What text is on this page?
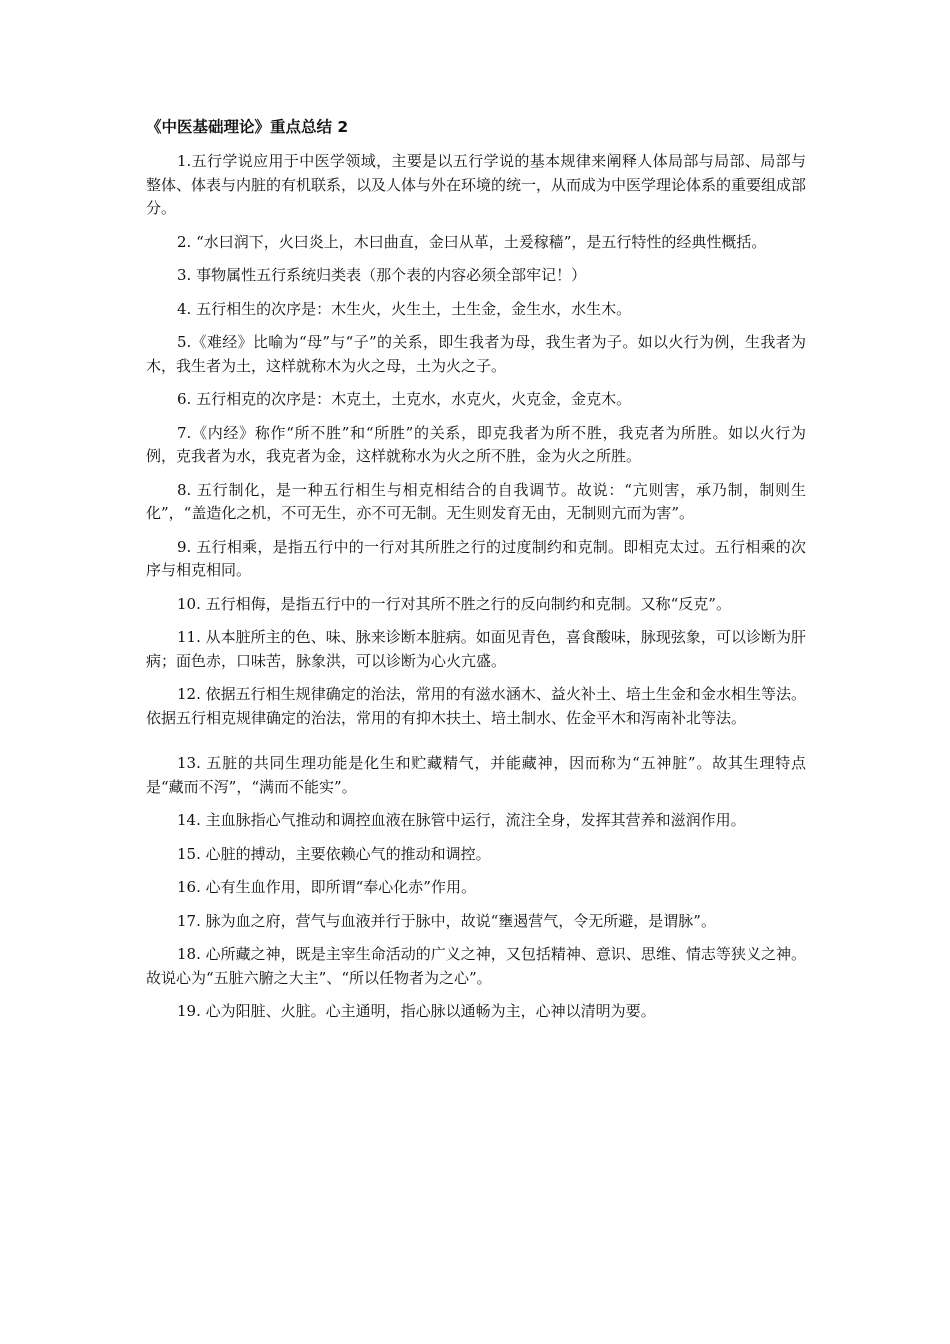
《中医基础理论》重点总结 2

1.五行学说应用于中医学领域，主要是以五行学说的基本规律来阐释人体局部与局部、局部与整体、体表与内脏的有机联系，以及人体与外在环境的统一，从而成为中医学理论体系的重要组成部分。

2. “水曰润下，火曰炎上，木曰曲直，金曰从革，土爰稼穑”，是五行特性的经典性概括。

3. 事物属性五行系统归类表（那个表的内容必须全部牢记！）

4. 五行相生的次序是：木生火，火生土，土生金，金生水，水生木。

5.《难经》比喻为“母”与“子”的关系，即生我者为母，我生者为子。如以火行为例，生我者为木，我生者为土，这样就称木为火之母，土为火之子。

6. 五行相克的次序是：木克土，土克水，水克火，火克金，金克木。

7.《内经》称作“所不胜”和“所胜”的关系，即克我者为所不胜，我克者为所胜。如以火行为例，克我者为水，我克者为金，这样就称水为火之所不胜，金为火之所胜。

8. 五行制化，是一种五行相生与相克相结合的自我调节。故说：“亢则害，承乃制，制则生化”，“盖造化之机，不可无生，亦不可无制。无生则发育无由，无制则亢而为害”。

9. 五行相乘，是指五行中的一行对其所胜之行的过度制约和克制。即相克太过。五行相乘的次序与相克相同。

10. 五行相侮，是指五行中的一行对其所不胜之行的反向制约和克制。又称“反克”。

11. 从本脏所主的色、味、脉来诊断本脏病。如面见青色，喜食酸味，脉现弦象，可以诊断为肝病；面色赤，口味苦，脉象洪，可以诊断为心火亢盛。

12. 依据五行相生规律确定的治法，常用的有滋水涵木、益火补土、培土生金和金水相生等法。依据五行相克规律确定的治法，常用的有抑木扶土、培土制水、佐金平木和泻南补北等法。

13. 五脏的共同生理功能是化生和贮藏精气，并能藏神，因而称为“五神脏”。故其生理特点是“藏而不泻”，“满而不能实”。

14. 主血脉指心气推动和调控血液在脉管中运行，流注全身，发挥其营养和滋润作用。

15. 心脏的搏动，主要依赖心气的推动和调控。

16. 心有生血作用，即所谓“奉心化赤”作用。

17. 脉为血之府，营气与血液并行于脉中，故说“壅遏营气，令无所避，是谓脉”。

18. 心所藏之神，既是主宰生命活动的广义之神，又包括精神、意识、思维、情志等狭义之神。故说心为“五脏六腑之大主”、“所以任物者为之心”。

19. 心为阳脏、火脏。心主通明，指心脉以通畅为主，心神以清明为要。
